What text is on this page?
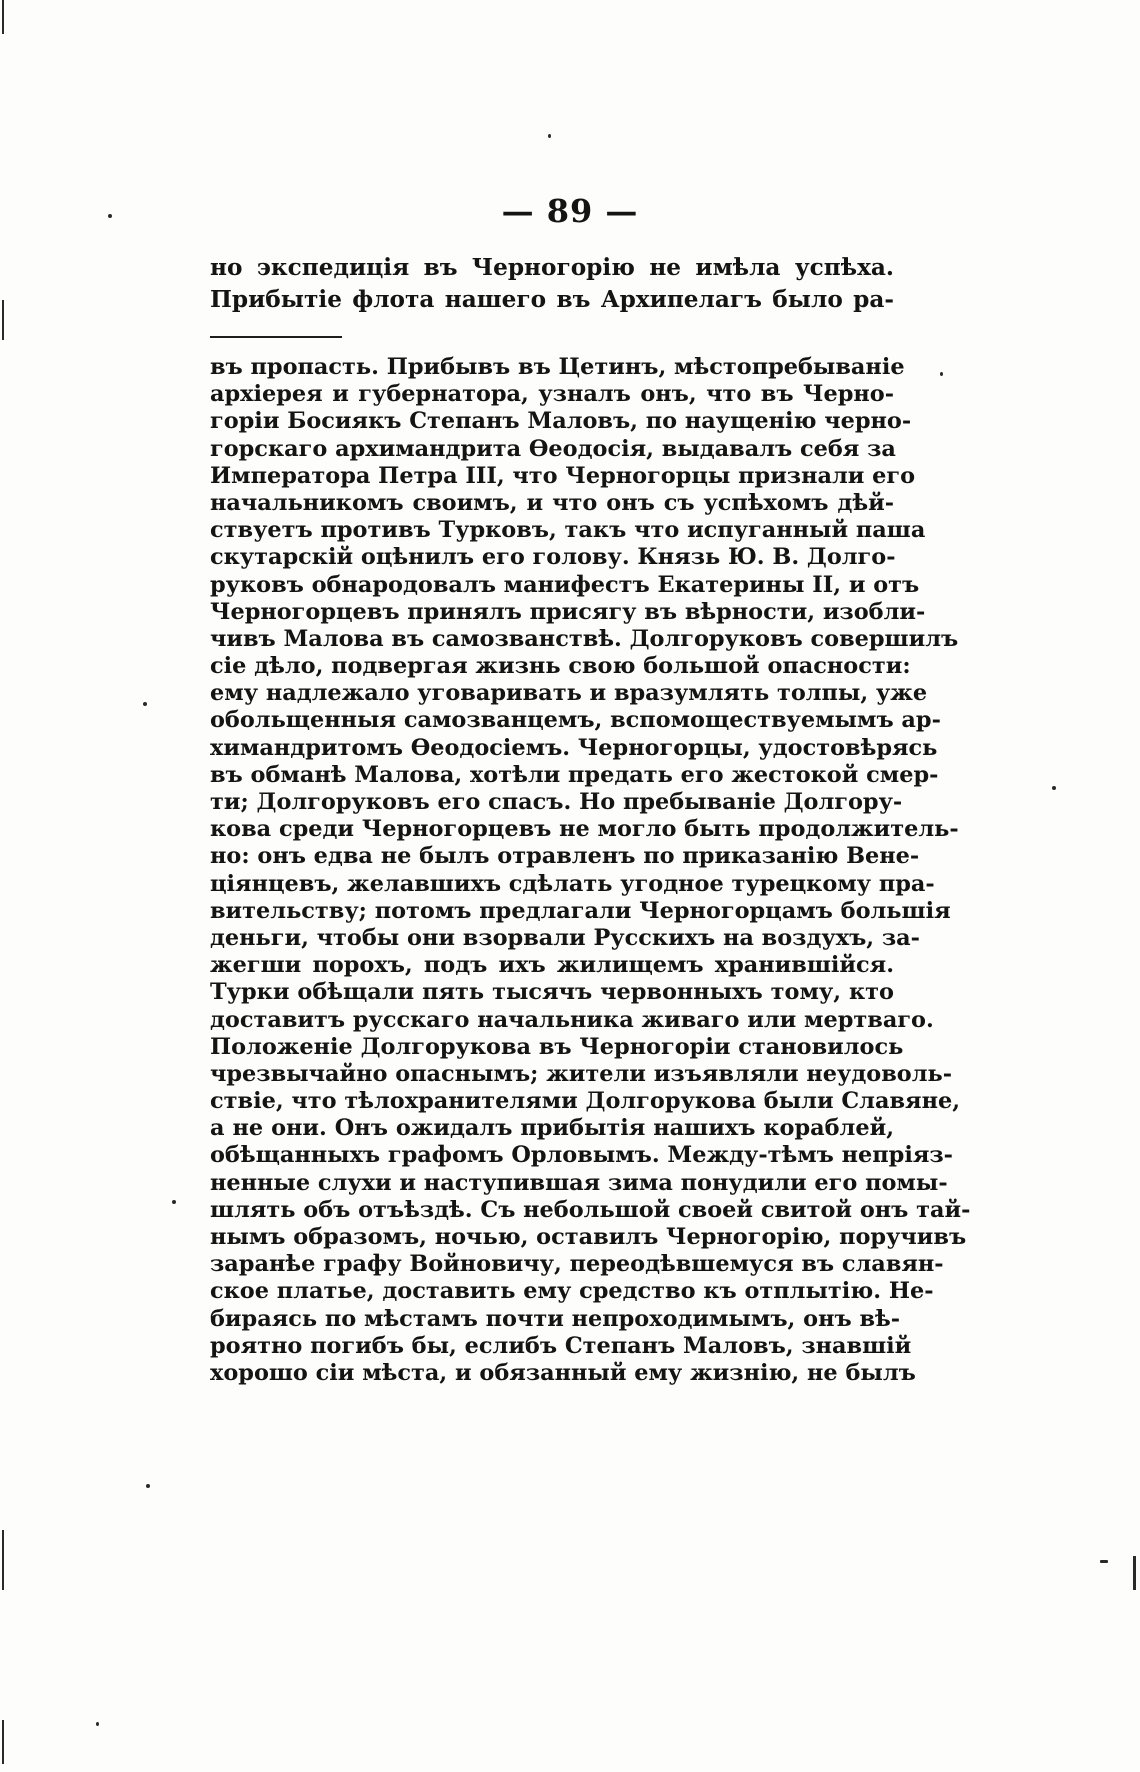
— 89 —
но экспедиція въ Черногорію не имѣла успѣха.
Прибытіе флота нашего въ Архипелагъ было ра-
въ пропасть. Прибывъ въ Цетинъ, мѣстопребываніе
архіерея и губернатора, узналъ онъ, что въ Черно-
горіи Босиякъ Степанъ Маловъ, по наущенію черно-
горскаго архимандрита Ѳеодосія, выдавалъ себя за
Императора Петра III, что Черногорцы признали его
начальникомъ своимъ, и что онъ съ успѣхомъ дѣй-
ствуетъ противъ Турковъ, такъ что испуганный паша
скутарскій оцѣнилъ его голову. Князь Ю. В. Долго-
руковъ обнародовалъ манифестъ Екатерины II, и отъ
Черногорцевъ принялъ присягу въ вѣрности, изобли-
чивъ Малова въ самозванствѣ. Долгоруковъ совершилъ
сіе дѣло, подвергая жизнь свою большой опасности:
ему надлежало уговаривать и вразумлять толпы, уже
обольщенныя самозванцемъ, вспомоществуемымъ ар-
химандритомъ Ѳеодосіемъ. Черногорцы, удостовѣрясь
въ обманѣ Малова, хотѣли предать его жестокой смер-
ти; Долгоруковъ его спасъ. Но пребываніе Долгору-
кова среди Черногорцевъ не могло быть продолжитель-
но: онъ едва не былъ отравленъ по приказанію Вене-
ціянцевъ, желавшихъ сдѣлать угодное турецкому пра-
вительству; потомъ предлагали Черногорцамъ большія
деньги, чтобы они взорвали Русскихъ на воздухъ, за-
жегши порохъ, подъ ихъ жилищемъ хранившійся.
Турки обѣщали пять тысячъ червонныхъ тому, кто
доставитъ русскаго начальника живаго или мертваго.
Положеніе Долгорукова въ Черногоріи становилось
чрезвычайно опаснымъ; жители изъявляли неудоволь-
ствіе, что тѣлохранителями Долгорукова были Славяне,
а не они. Онъ ожидалъ прибытія нашихъ кораблей,
обѣщанныхъ графомъ Орловымъ. Между-тѣмъ непріяз-
ненные слухи и наступившая зима понудили его помы-
шлять объ отъѣздѣ. Съ небольшой своей свитой онъ тай-
нымъ образомъ, ночью, оставилъ Черногорію, поручивъ
заранѣе графу Войновичу, переодѣвшемуся въ славян-
ское платье, доставить ему средство къ отплытію. Не-
бираясь по мѣстамъ почти непроходимымъ, онъ вѣ-
роятно погибъ бы, еслибъ Степанъ Маловъ, знавшій
хорошо сіи мѣста, и обязанный ему жизнію, не былъ
